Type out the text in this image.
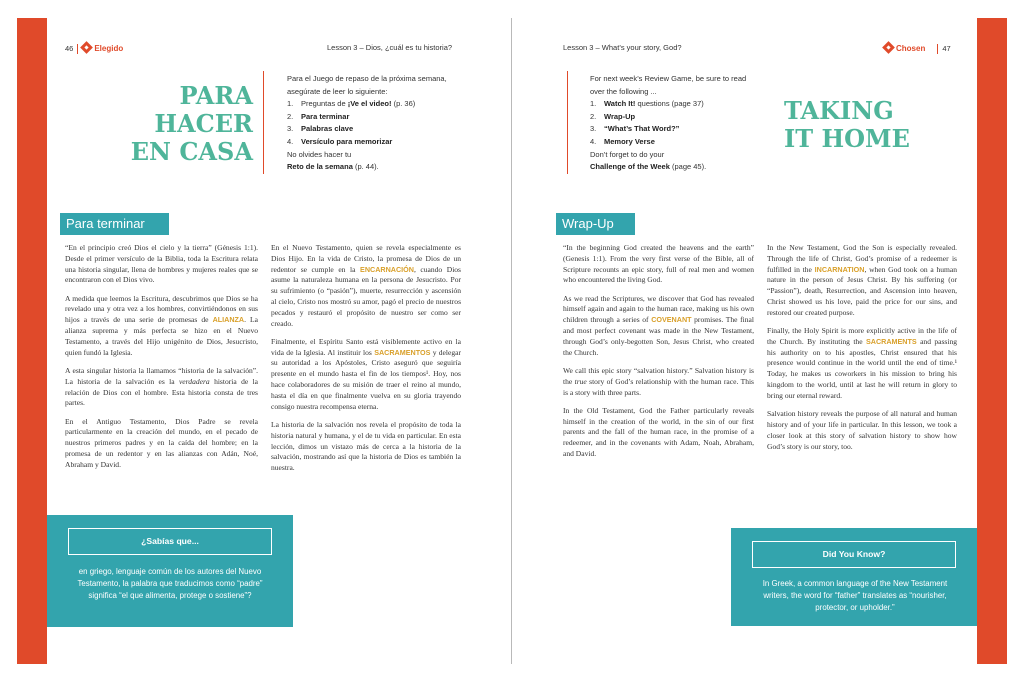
46	Elegido	Lesson 3 – Dios, ¿cuál es tu historia?	Lesson 3 – What’s your story, God?	Chosen 47
PARA
HACER
EN CASA
Para el Juego de repaso de la próxima semana, asegúrate de leer lo siguiente:
1. Preguntas de ¡Ve el video! (p. 36)
2. Para terminar
3. Palabras clave
4. Versículo para memorizar
No olvides hacer tu
Reto de la semana (p. 44).
For next week’s Review Game, be sure to read over the following ...
1. Watch It! questions (page 37)
2. Wrap-Up
3. “What’s That Word?”
4. Memory Verse
Don’t forget to do your
Challenge of the Week (page 45).
TAKING
IT HOME
Para terminar	Wrap-Up

“En el principio creó Dios el cielo y la tierra” (Génesis 1:1). Desde el primer versículo de la Biblia, toda la Escritura relata una historia singular, llena de hombres y mujeres reales que se encontraron con el Dios vivo.

A medida que leemos la Escritura, descubrimos que Dios se ha revelado una y otra vez a los hombres, convirtiéndonos en sus hijos a través de una serie de promesas de ALIANZA. La alianza suprema y más perfecta se hizo en el Nuevo Testamento, a través del Hijo unigénito de Dios, Jesucristo, quien fundó la Iglesia.

A esta singular historia la llamamos “historia de la salvación”. La historia de la salvación es la verdadera historia de la relación de Dios con el hombre. Esta historia consta de tres partes.

En el Antiguo Testamento, Dios Padre se revela particularmente en la creación del mundo, en el pecado de nuestros primeros padres y en la caída del hombre; en la promesa de un redentor y en las alianzas con Adán, Noé, Abraham y David.

En el Nuevo Testamento, quien se revela especialmente es Dios Hijo. En la vida de Cristo, la promesa de Dios de un redentor se cumple en la ENCARNACIÓN, cuando Dios asume la naturaleza humana en la persona de Jesucristo. Por su sufrimiento (o “pasión”), muerte, resurrección y ascensión al cielo, Cristo nos mostró su amor, pagó el precio de nuestros pecados y restauró el propósito de nuestro ser como ser creado.

Finalmente, el Espíritu Santo está visiblemente activo en la vida de la Iglesia. Al instituir los SACRAMENTOS y delegar su autoridad a los Apóstoles, Cristo aseguró que seguiría presente en el mundo hasta el fin de los tiempos¹. Hoy, nos hace colaboradores de su misión de traer el reino al mundo, hasta el día en que finalmente vuelva en su gloria trayendo consigo nuestra recompensa eterna.

La historia de la salvación nos revela el propósito de toda la historia natural y humana, y el de tu vida en particular. En esta lección, dimos un vistazo más de cerca a la historia de la salvación, mostrando así que la historia de Dios es también la nuestra.

“In the beginning God created the heavens and the earth” (Genesis 1:1). From the very first verse of the Bible, all of Scripture recounts an epic story, full of real men and women who encountered the living God.

As we read the Scriptures, we discover that God has revealed himself again and again to the human race, making us his own children through a series of COVENANT promises. The final and most perfect covenant was made in the New Testament, through God’s only-begotten Son, Jesus Christ, who created the Church.

We call this epic story “salvation history.” Salvation history is the true story of God’s relationship with the human race. This is a story with three parts.

In the Old Testament, God the Father particularly reveals himself in the creation of the world, in the sin of our first parents and the fall of the human race, in the promise of a redeemer, and in the covenants with Adam, Noah, Abraham, and David.

In the New Testament, God the Son is especially revealed. Through the life of Christ, God’s promise of a redeemer is fulfilled in the INCARNATION, when God took on a human nature in the person of Jesus Christ. By his suffering (or “Passion”), death, Resurrection, and Ascension into heaven, Christ showed us his love, paid the price for our sins, and restored our created purpose.

Finally, the Holy Spirit is more explicitly active in the life of the Church. By instituting the SACRAMENTS and passing his authority on to his apostles, Christ ensured that his presence would continue in the world until the end of time.¹ Today, he makes us coworkers in his mission to bring his kingdom to the world, until at last he will return in glory to bring our eternal reward.

Salvation history reveals the purpose of all natural and human history and of your life in particular. In this lesson, we took a closer look at this story of salvation history to show how God’s story is our story, too.

¿Sabías que...
en griego, lenguaje común de los autores del Nuevo Testamento, la palabra que traducimos como “padre” significa “el que alimenta, protege o sostiene”?
Did You Know?
In Greek, a common language of the New Testament writers, the word for “father” translates as “nourisher, protector, or upholder.”
